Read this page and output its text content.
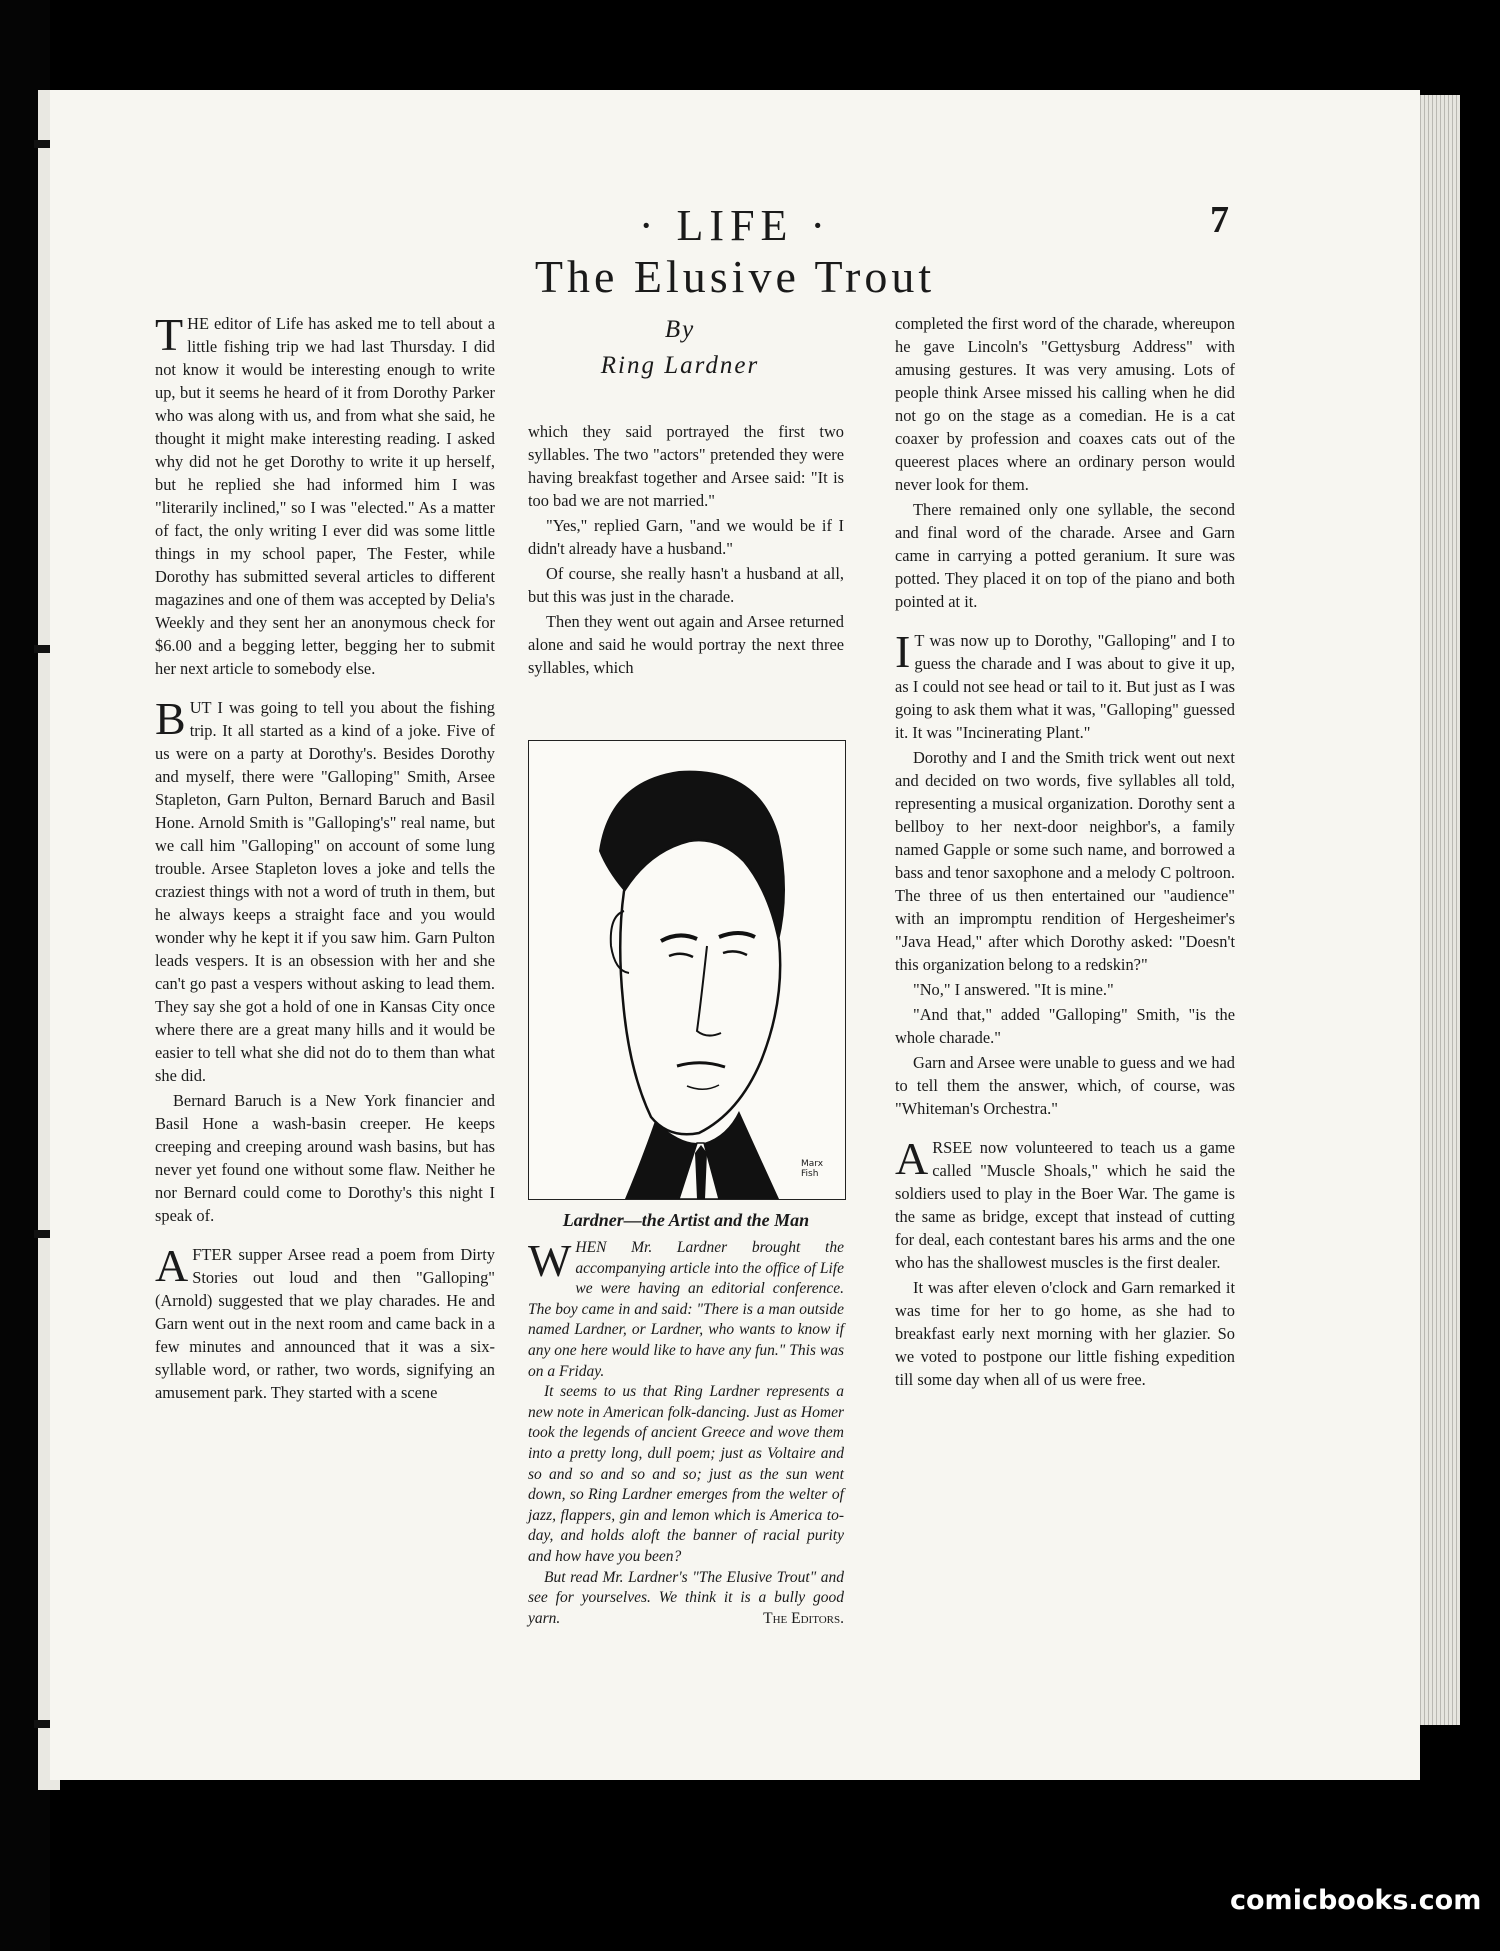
· LIFE ·	7
The Elusive Trout

THE editor of Life has asked me to tell about a little fishing trip we had last Thursday. I did not know it would be interesting enough to write up, but it seems he heard of it from Dorothy Parker who was along with us, and from what she said, he thought it might make interesting reading. I asked why did not he get Dorothy to write it up herself, but he replied she had informed him I was "literarily inclined," so I was "elected." As a matter of fact, the only writing I ever did was some little things in my school paper, The Fester, while Dorothy has submitted several articles to different magazines and one of them was accepted by Delia's Weekly and they sent her an anonymous check for $6.00 and a begging letter, begging her to submit her next article to somebody else.

BUT I was going to tell you about the fishing trip. It all started as a kind of a joke. Five of us were on a party at Dorothy's. Besides Dorothy and myself, there were "Galloping" Smith, Arsee Stapleton, Garn Pulton, Bernard Baruch and Basil Hone. Arnold Smith is "Galloping's" real name, but we call him "Galloping" on account of some lung trouble. Arsee Stapleton loves a joke and tells the craziest things with not a word of truth in them, but he always keeps a straight face and you would wonder why he kept it if you saw him. Garn Pulton leads vespers. It is an obsession with her and she can't go past a vespers without asking to lead them. They say she got a hold of one in Kansas City once where there are a great many hills and it would be easier to tell what she did not do to them than what she did.

Bernard Baruch is a New York financier and Basil Hone a wash-basin creeper. He keeps creeping and creeping around wash basins, but has never yet found one without some flaw. Neither he nor Bernard could come to Dorothy's this night I speak of.

AFTER supper Arsee read a poem from Dirty Stories out loud and then "Galloping" (Arnold) suggested that we play charades. He and Garn went out in the next room and came back in a few minutes and announced that it was a six-syllable word, or rather, two words, signifying an amusement park. They started with a scene

By
Ring Lardner

which they said portrayed the first two syllables. The two "actors" pretended they were having breakfast together and Arsee said: "It is too bad we are not married."

"Yes," replied Garn, "and we would be if I didn't already have a husband."

Of course, she really hasn't a husband at all, but this was just in the charade.

Then they went out again and Arsee returned alone and said he would portray the next three syllables, which

Marx
Fish
Lardner—the Artist and the Man

WHEN Mr. Lardner brought the accompanying article into the office of Life we were having an editorial conference. The boy came in and said: "There is a man outside named Lardner, or Lardner, who wants to know if any one here would like to have any fun." This was on a Friday.

It seems to us that Ring Lardner represents a new note in American folk-dancing. Just as Homer took the legends of ancient Greece and wove them into a pretty long, dull poem; just as Voltaire and so and so and so and so; just as the sun went down, so Ring Lardner emerges from the welter of jazz, flappers, gin and lemon which is America to-day, and holds aloft the banner of racial purity and how have you been?

But read Mr. Lardner's "The Elusive Trout" and see for yourselves. We think it is a bully good yarn.	The Editors.

completed the first word of the charade, whereupon he gave Lincoln's "Gettysburg Address" with amusing gestures. It was very amusing. Lots of people think Arsee missed his calling when he did not go on the stage as a comedian. He is a cat coaxer by profession and coaxes cats out of the queerest places where an ordinary person would never look for them.

There remained only one syllable, the second and final word of the charade. Arsee and Garn came in carrying a potted geranium. It sure was potted. They placed it on top of the piano and both pointed at it.

I T was now up to Dorothy, "Galloping" and I to guess the charade and I was about to give it up, as I could not see head or tail to it. But just as I was going to ask them what it was, "Galloping" guessed it. It was "Incinerating Plant."

Dorothy and I and the Smith trick went out next and decided on two words, five syllables all told, representing a musical organization. Dorothy sent a bellboy to her next-door neighbor's, a family named Gapple or some such name, and borrowed a bass and tenor saxophone and a melody C poltroon. The three of us then entertained our "audience" with an impromptu rendition of Hergesheimer's "Java Head," after which Dorothy asked: "Doesn't this organization belong to a redskin?"

"No," I answered. "It is mine."

"And that," added "Galloping" Smith, "is the whole charade."

Garn and Arsee were unable to guess and we had to tell them the answer, which, of course, was "Whiteman's Orchestra."

ARSEE now volunteered to teach us a game called "Muscle Shoals," which he said the soldiers used to play in the Boer War. The game is the same as bridge, except that instead of cutting for deal, each contestant bares his arms and the one who has the shallowest muscles is the first dealer.

It was after eleven o'clock and Garn remarked it was time for her to go home, as she had to breakfast early next morning with her glazier. So we voted to postpone our little fishing expedition till some day when all of us were free.

comicbooks.com
